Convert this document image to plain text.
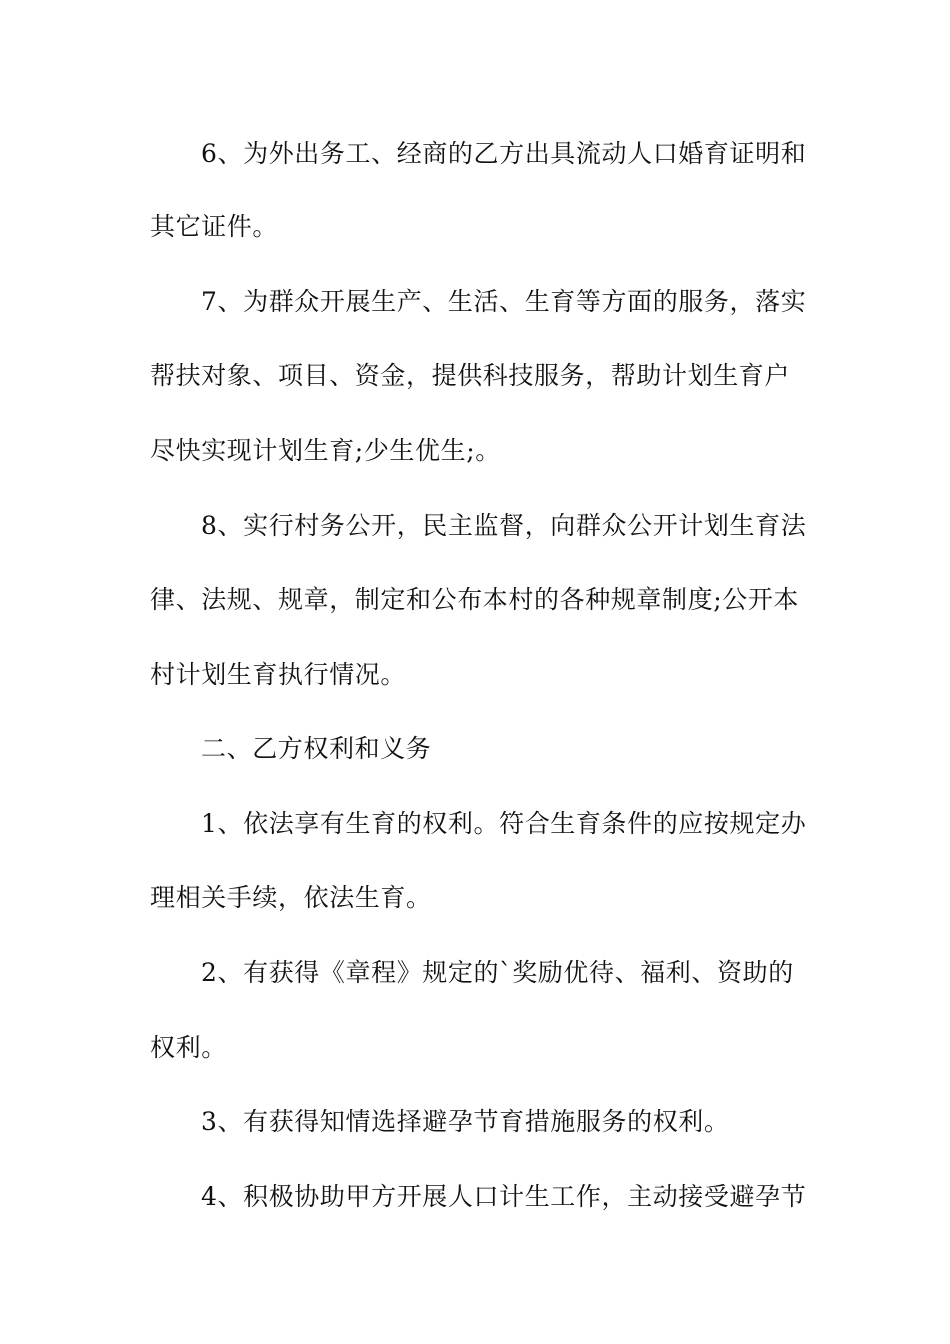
6、为外出务工、经商的乙方出具流动人口婚育证明和
其它证件。
7、为群众开展生产、生活、生育等方面的服务，落实
帮扶对象、项目、资金，提供科技服务，帮助计划生育户
尽快实现计划生育;少生优生;。
8、实行村务公开，民主监督，向群众公开计划生育法
律、法规、规章，制定和公布本村的各种规章制度;公开本
村计划生育执行情况。
二、乙方权利和义务
1、依法享有生育的权利。符合生育条件的应按规定办
理相关手续，依法生育。
2、有获得《章程》规定的`奖励优待、福利、资助的
权利。
3、有获得知情选择避孕节育措施服务的权利。
4、积极协助甲方开展人口计生工作，主动接受避孕节
